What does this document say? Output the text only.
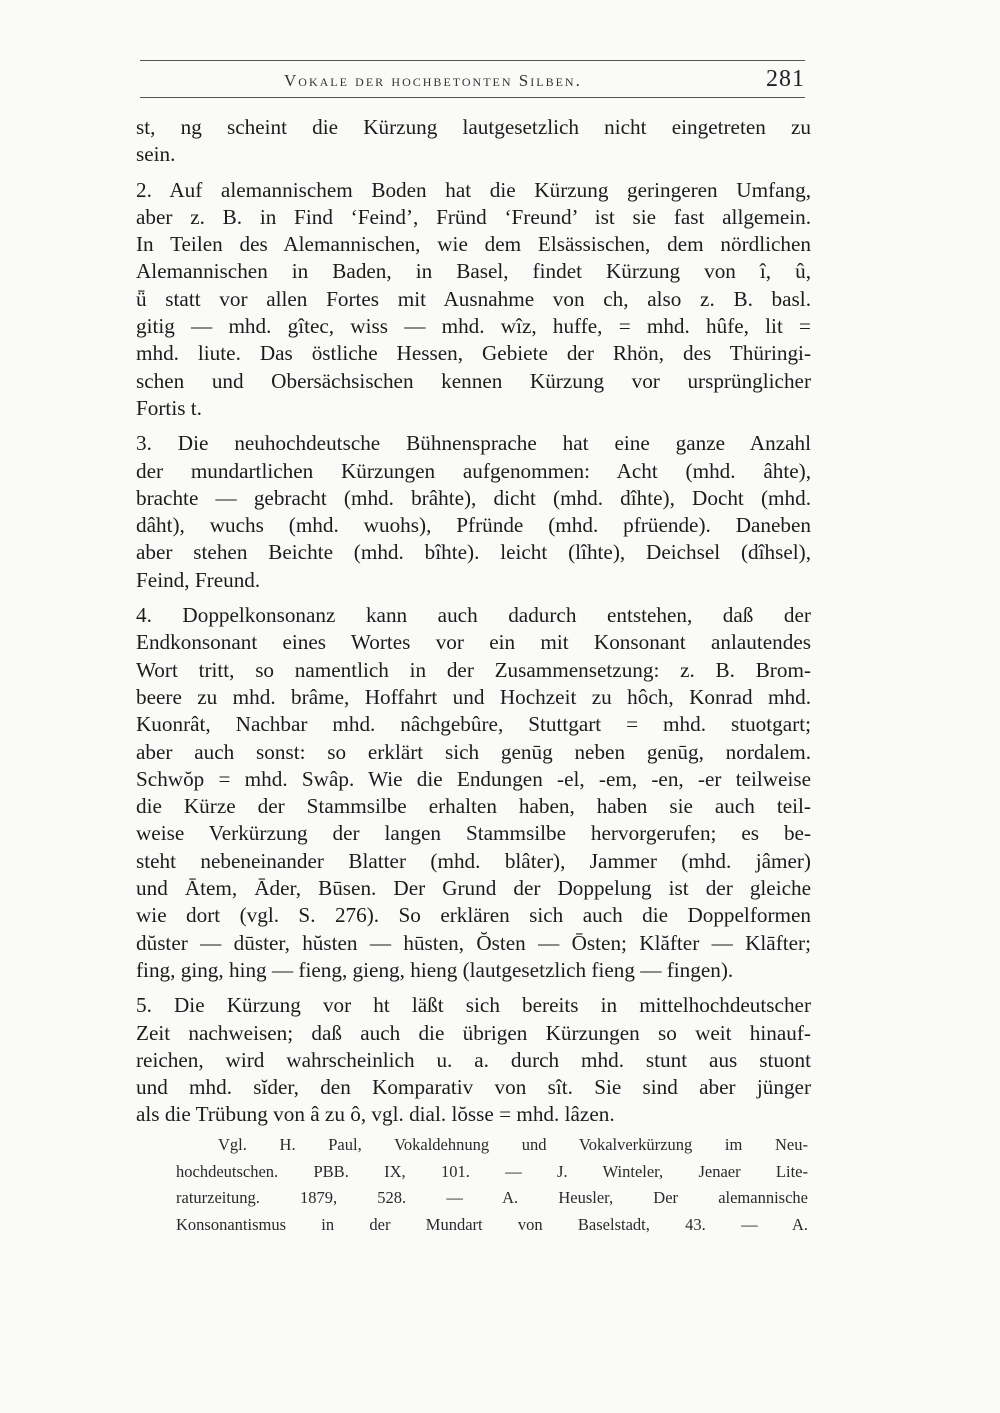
Vokale der hochbetonten Silben.	281
st, ng scheint die Kürzung lautgesetzlich nicht eingetreten zu
sein.
2. Auf alemannischem Boden hat die Kürzung geringeren Umfang,
aber z. B. in Find ‘Feind’, Fründ ‘Freund’ ist sie fast allgemein.
In Teilen des Alemannischen, wie dem Elsässischen, dem nördlichen
Alemannischen in Baden, in Basel, findet Kürzung von î, û,
ǖ statt vor allen Fortes mit Ausnahme von ch, also z. B. basl.
gitig — mhd. gîtec, wiss — mhd. wîz, huffe, = mhd. hûfe, lit =
mhd. liute. Das östliche Hessen, Gebiete der Rhön, des Thüringi-
schen und Obersächsischen kennen Kürzung vor ursprünglicher
Fortis t.
3. Die neuhochdeutsche Bühnensprache hat eine ganze Anzahl
der mundartlichen Kürzungen aufgenommen: Acht (mhd. âhte),
brachte — gebracht (mhd. brâhte), dicht (mhd. dîhte), Docht (mhd.
dâht), wuchs (mhd. wuohs), Pfründe (mhd. pfrüende). Daneben
aber stehen Beichte (mhd. bîhte). leicht (lîhte), Deichsel (dîhsel),
Feind, Freund.
4. Doppelkonsonanz kann auch dadurch entstehen, daß der
Endkonsonant eines Wortes vor ein mit Konsonant anlautendes
Wort tritt, so namentlich in der Zusammensetzung: z. B. Brom-
beere zu mhd. brâme, Hoffahrt und Hochzeit zu hôch, Konrad mhd.
Kuonrât, Nachbar mhd. nâchgebûre, Stuttgart = mhd. stuotgart;
aber auch sonst: so erklärt sich genūg neben genūg, nordalem.
Schwŏp = mhd. Swâp. Wie die Endungen -el, -em, -en, -er teilweise
die Kürze der Stammsilbe erhalten haben, haben sie auch teil-
weise Verkürzung der langen Stammsilbe hervorgerufen; es be-
steht nebeneinander Blatter (mhd. blâter), Jammer (mhd. jâmer)
und Ātem, Āder, Būsen. Der Grund der Doppelung ist der gleiche
wie dort (vgl. S. 276). So erklären sich auch die Doppelformen
dŭster — dūster, hŭsten — hūsten, Ŏsten — Ōsten; Klăfter — Klāfter;
fing, ging, hing — fieng, gieng, hieng (lautgesetzlich fieng — fingen).
5. Die Kürzung vor ht läßt sich bereits in mittelhochdeutscher
Zeit nachweisen; daß auch die übrigen Kürzungen so weit hinauf-
reichen, wird wahrscheinlich u. a. durch mhd. stunt aus stuont
und mhd. sĭder, den Komparativ von sît. Sie sind aber jünger
als die Trübung von â zu ô, vgl. dial. lŏsse = mhd. lâzen.
Vgl. H. Paul, Vokaldehnung und Vokalverkürzung im Neu-
hochdeutschen. PBB. IX, 101. — J. Winteler, Jenaer Lite-
raturzeitung. 1879, 528. — A. Heusler, Der alemannische
Konsonantismus in der Mundart von Baselstadt, 43. — A.
